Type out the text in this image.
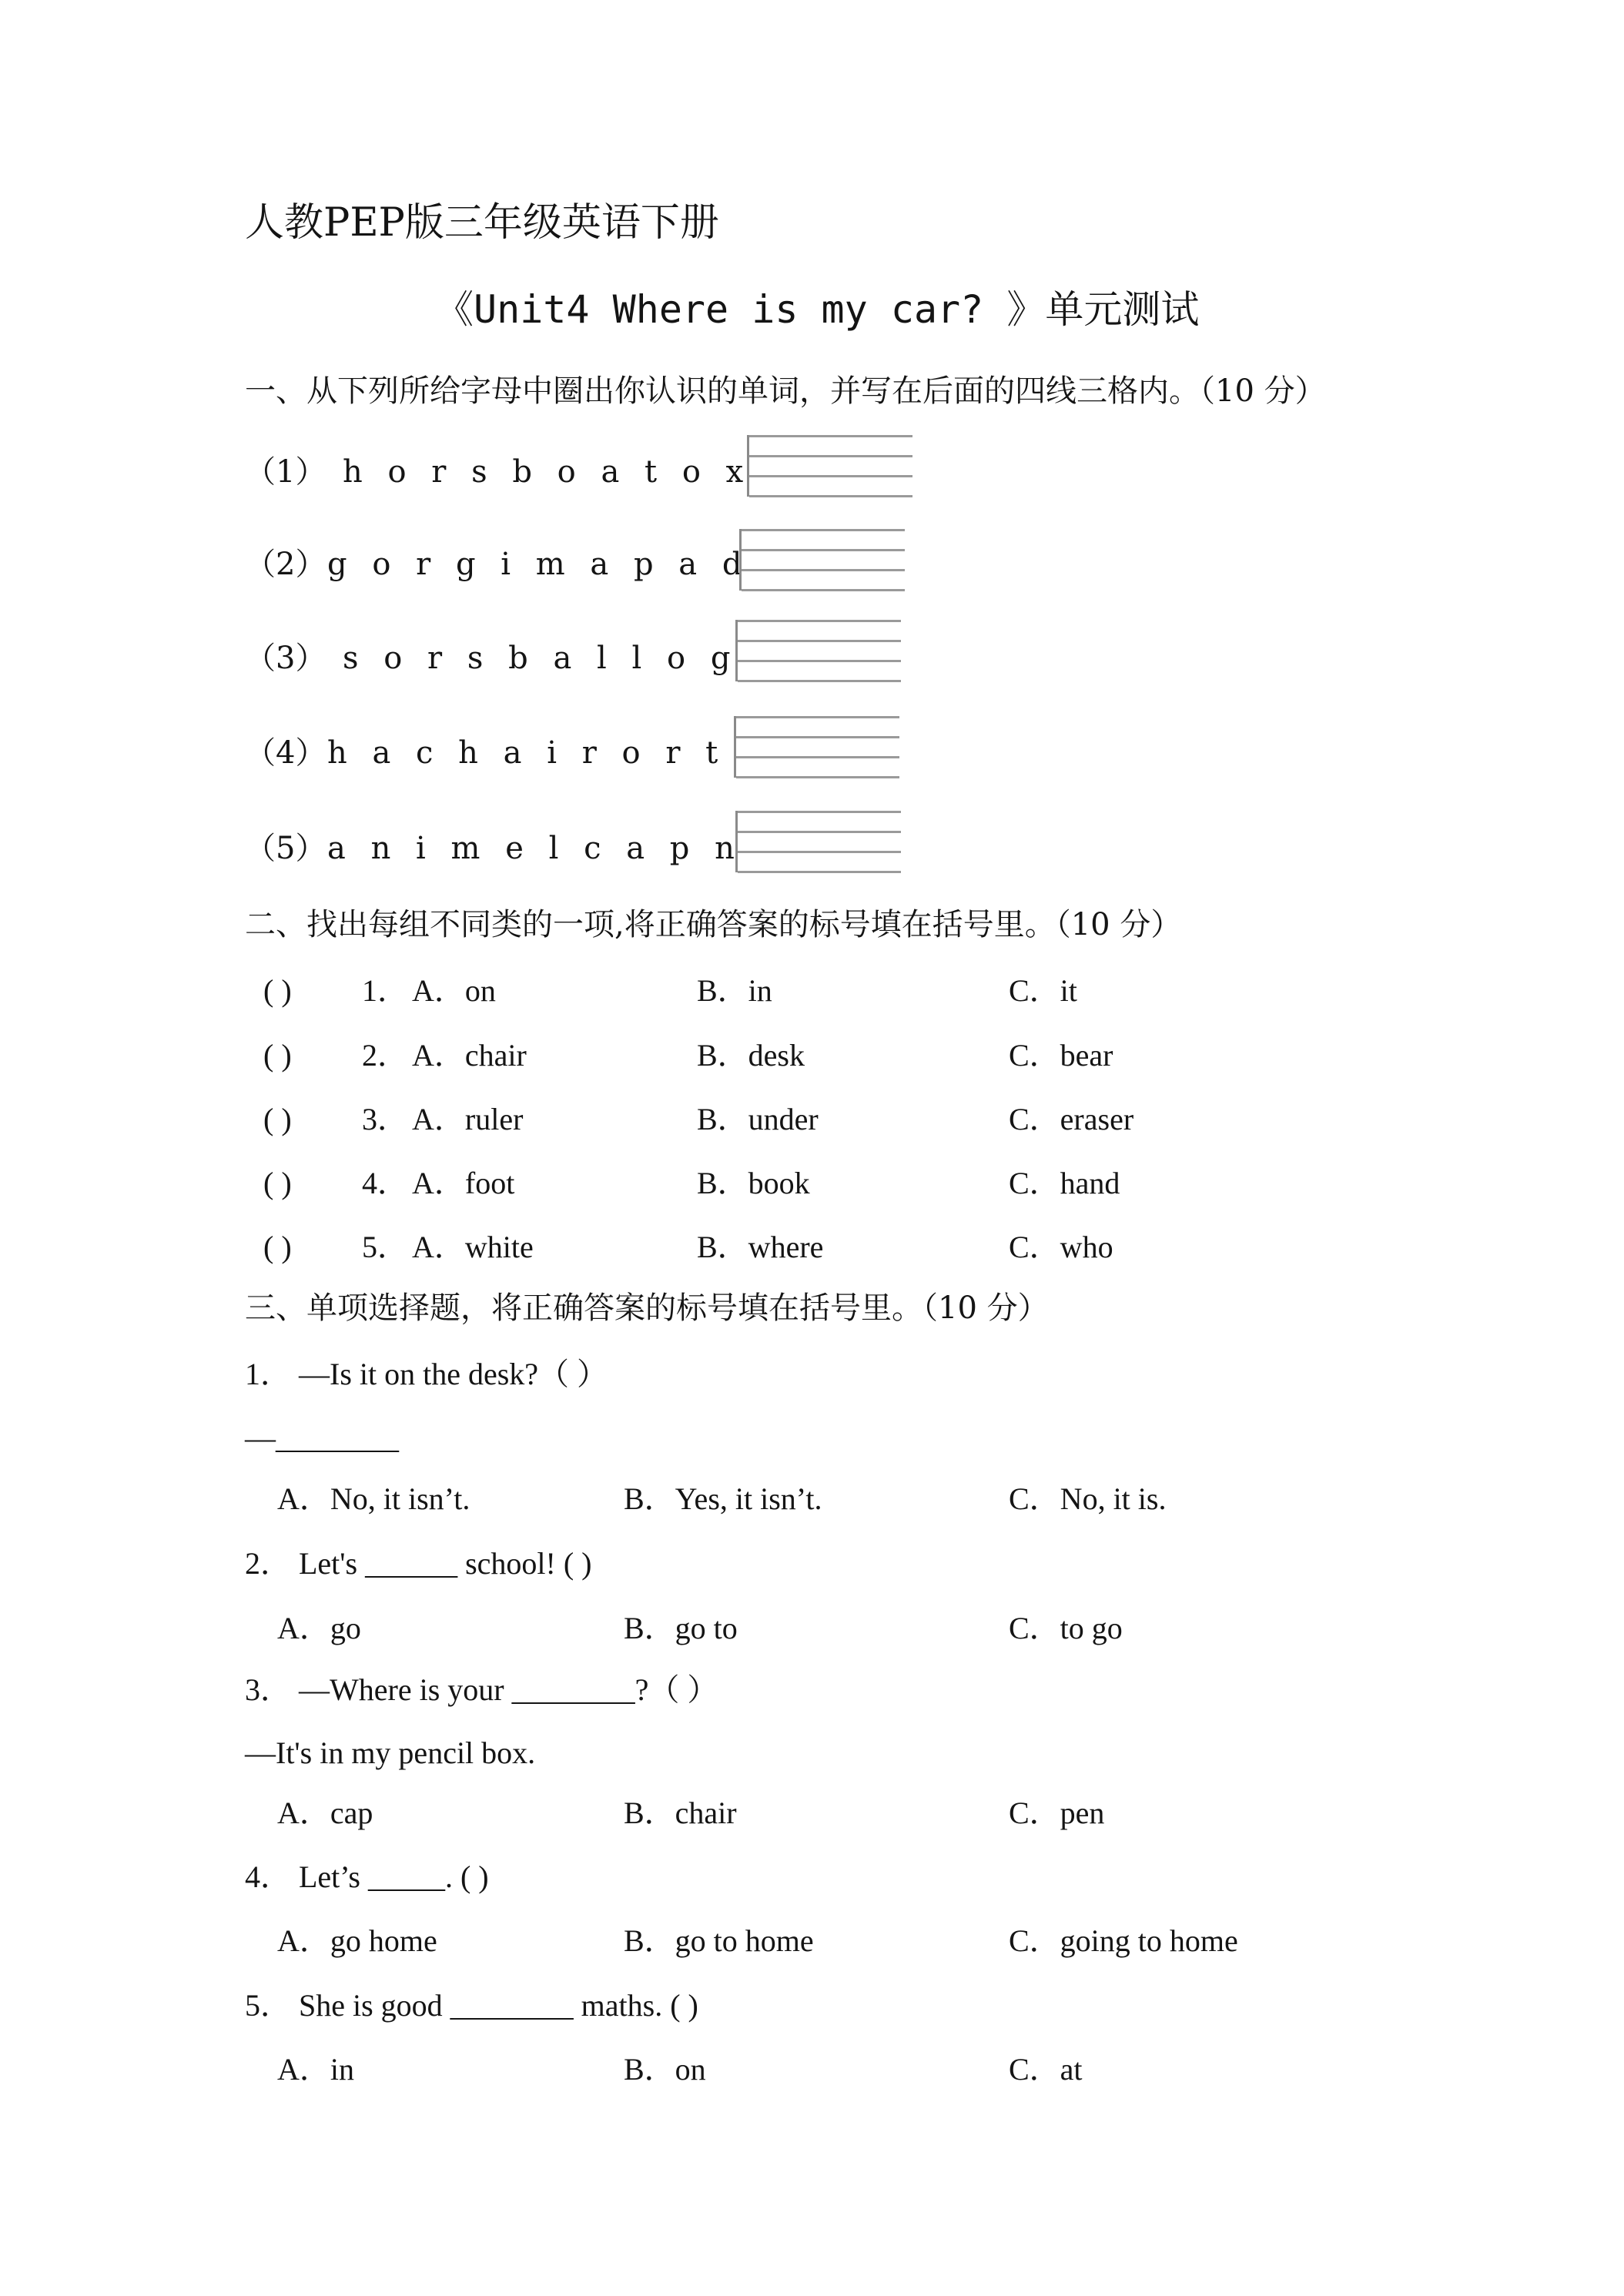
人教PEP版三年级英语下册
《Unit4 Where is my car? 》单元测试
一、从下列所给字母中圈出你认识的单词，并写在后面的四线三格内。（10 分）
（1） h o r s b o a t o x
（2） g o r g i m a p a d
（3） s o r s b a l l o g
（4） h a c h a i r o r t
（5） a n i m e l c a p n
二、找出每组不同类的一项,将正确答案的标号填在括号里。（10 分）
( ) 1． A．on	B．in	C．it
( ) 2． A．chair	B．desk	C．bear
( ) 3． A．ruler	B．under	C．eraser
( ) 4． A．foot	B．book	C．hand
( ) 5． A．white	B．where	C．who
三、单项选择题，将正确答案的标号填在括号里。（10 分）
1． —Is it on the desk?（ ）
—________
A．No, it isn’t.	B．Yes, it isn’t.	C．No, it is.
2． Let's ______ school! ( )
A．go	B．go to	C．to go
3． —Where is your ________?（ ）
—It's in my pencil box.
A．cap	B．chair	C．pen
4． Let’s _____. ( )
A．go home	B．go to home	C．going to home
5． She is good ________ maths. ( )
A．in	B．on	C．at
